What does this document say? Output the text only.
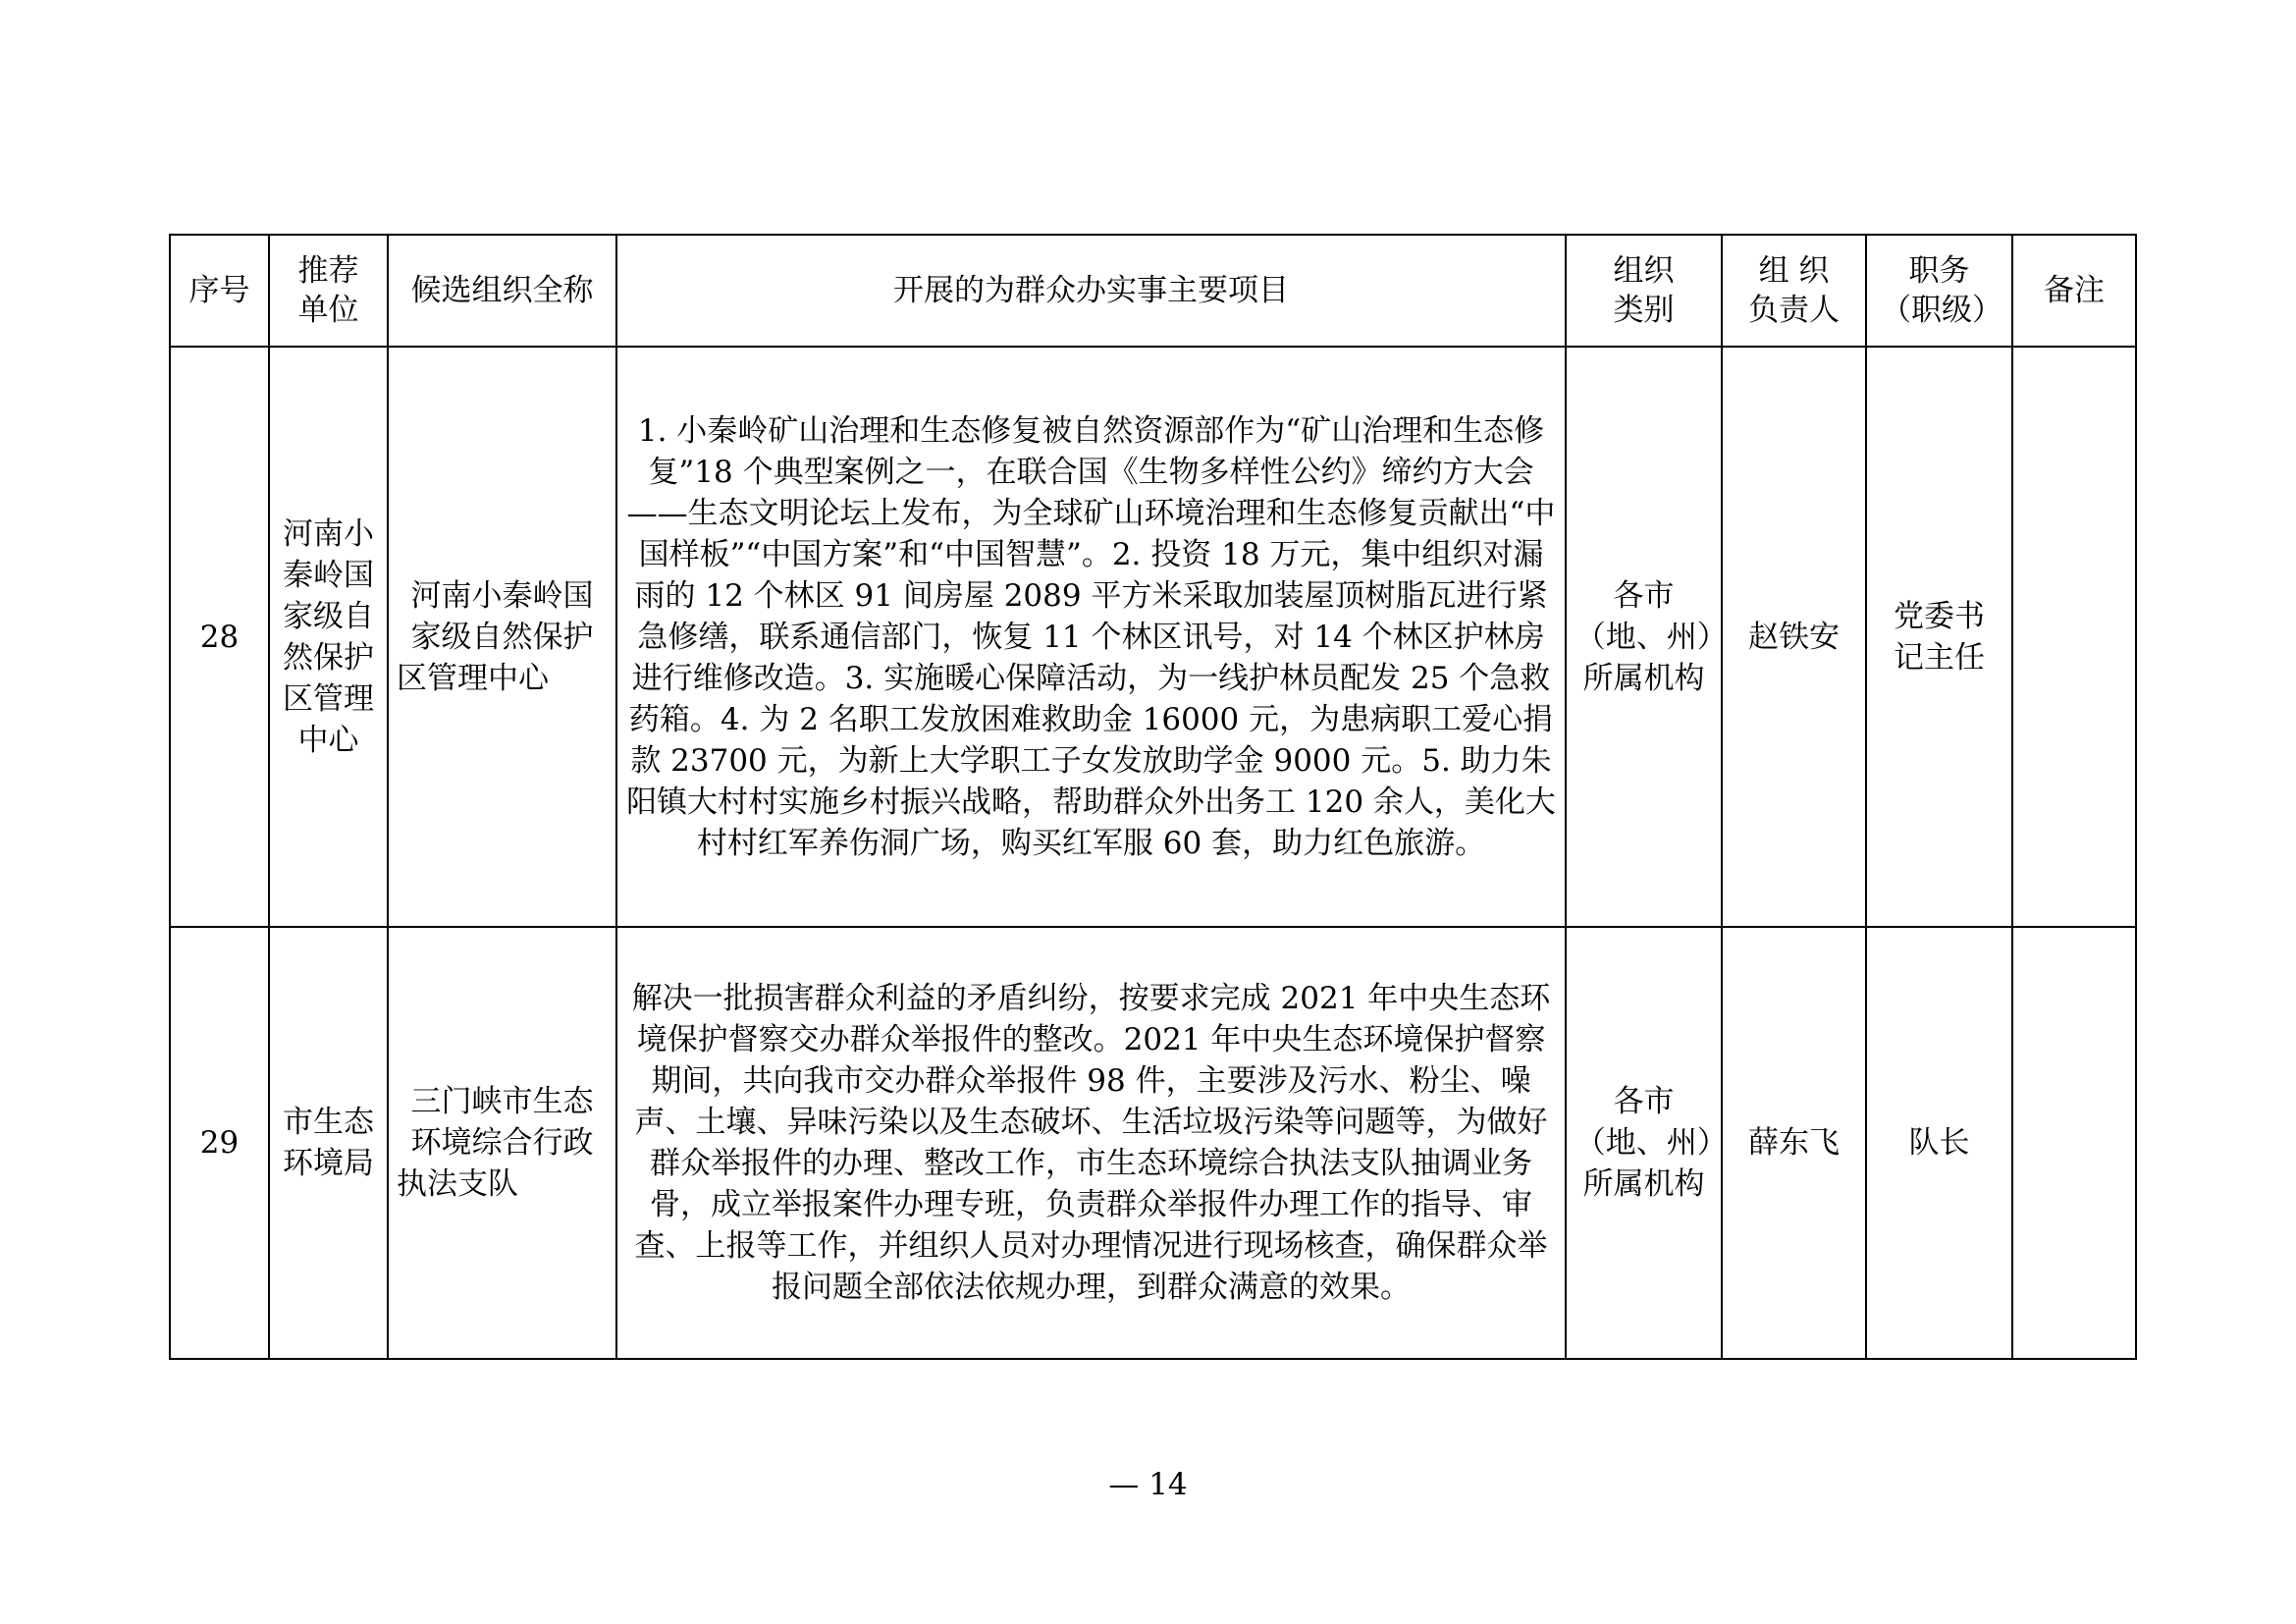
序号	推荐单位	候选组织全称	开展的为群众办实事主要项目	组织类别	组 织负责人	职务（职级）	备注
28	河南小秦岭国家级自然保护区管理中心	河南小秦岭国家级自然保护区管理中心	1. 小秦岭矿山治理和生态修复被自然资源部作为“矿山治理和生态修复”18 个典型案例之一，在联合国《生物多样性公约》缔约方大会——生态文明论坛上发布，为全球矿山环境治理和生态修复贡献出“中国样板”“中国方案”和“中国智慧”。2. 投资 18 万元，集中组织对漏雨的 12 个林区 91 间房屋 2089 平方米采取加装屋顶树脂瓦进行紧急修缮，联系通信部门，恢复 11 个林区讯号，对 14 个林区护林房进行维修改造。3. 实施暖心保障活动，为一线护林员配发 25 个急救药箱。4. 为 2 名职工发放困难救助金 16000 元，为患病职工爱心捐款 23700 元，为新上大学职工子女发放助学金 9000 元。5. 助力朱阳镇大村村实施乡村振兴战略，帮助群众外出务工 120 余人，美化大村村红军养伤洞广场，购买红军服 60 套，助力红色旅游。	各市（地、州）所属机构	赵铁安	党委书记主任	
29	市生态环境局	三门峡市生态环境综合行政执法支队	解决一批损害群众利益的矛盾纠纷，按要求完成 2021 年中央生态环境保护督察交办群众举报件的整改。2021 年中央生态环境保护督察期间，共向我市交办群众举报件 98 件，主要涉及污水、粉尘、噪声、土壤、异味污染以及生态破坏、生活垃圾污染等问题等，为做好群众举报件的办理、整改工作，市生态环境综合执法支队抽调业务骨，成立举报案件办理专班，负责群众举报件办理工作的指导、审查、上报等工作，并组织人员对办理情况进行现场核查，确保群众举报问题全部依法依规办理，到群众满意的效果。	各市（地、州）所属机构	薛东飞	队长	
— 14
